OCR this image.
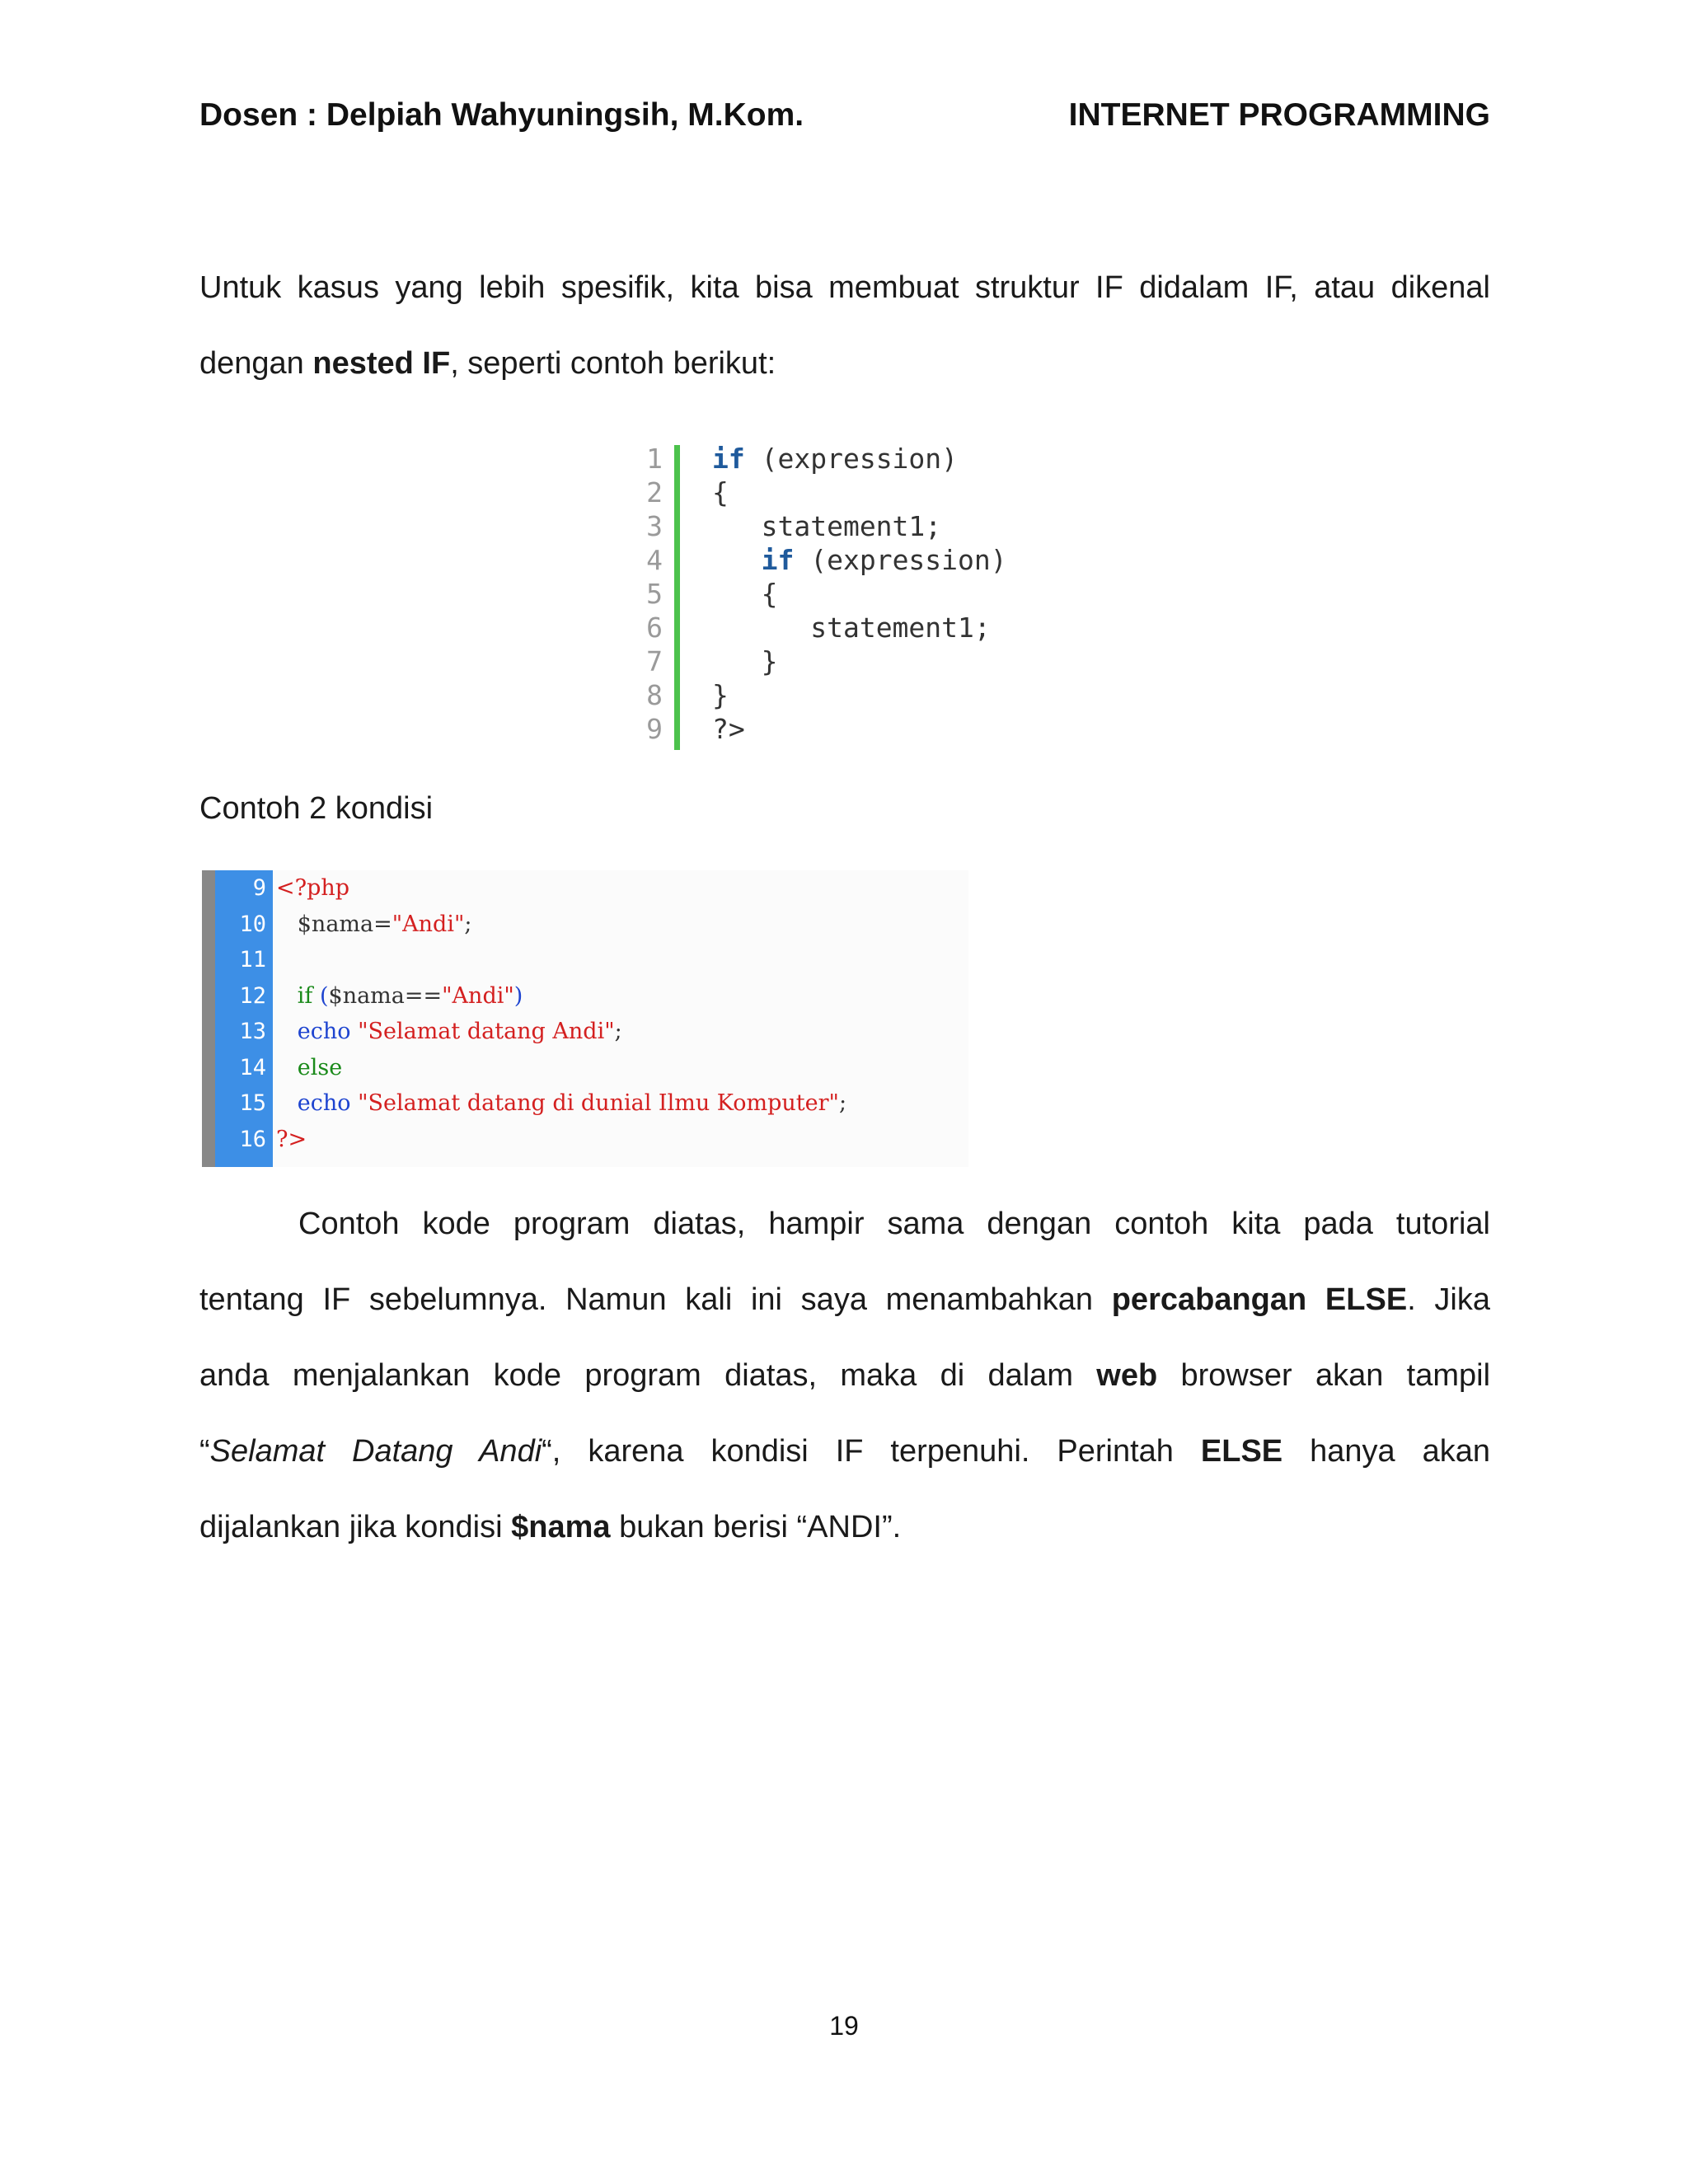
Dosen : Delpiah Wahyuningsih, M.Kom.	INTERNET PROGRAMMING
Untuk kasus yang lebih spesifik, kita bisa membuat struktur IF didalam IF, atau dikenal
dengan nested IF, seperti contoh berikut:
1
2
3
4
5
6
7
8
9
if (expression)
{
statement1;
if (expression)
{
statement1;
}
}
?>
Contoh 2 kondisi
9
10
11
12
13
14
15
16
<?php
$nama="Andi";

if ($nama=="Andi")
echo "Selamat datang Andi";
else
echo "Selamat datang di dunial Ilmu Komputer";
?>
Contoh kode program diatas, hampir sama dengan contoh kita pada tutorial
tentang IF sebelumnya. Namun kali ini saya menambahkan percabangan ELSE. Jika
anda menjalankan kode program diatas, maka di dalam web browser akan tampil
“Selamat Datang Andi“, karena kondisi IF terpenuhi. Perintah ELSE hanya akan
dijalankan jika kondisi $nama bukan berisi “ANDI”.
19
